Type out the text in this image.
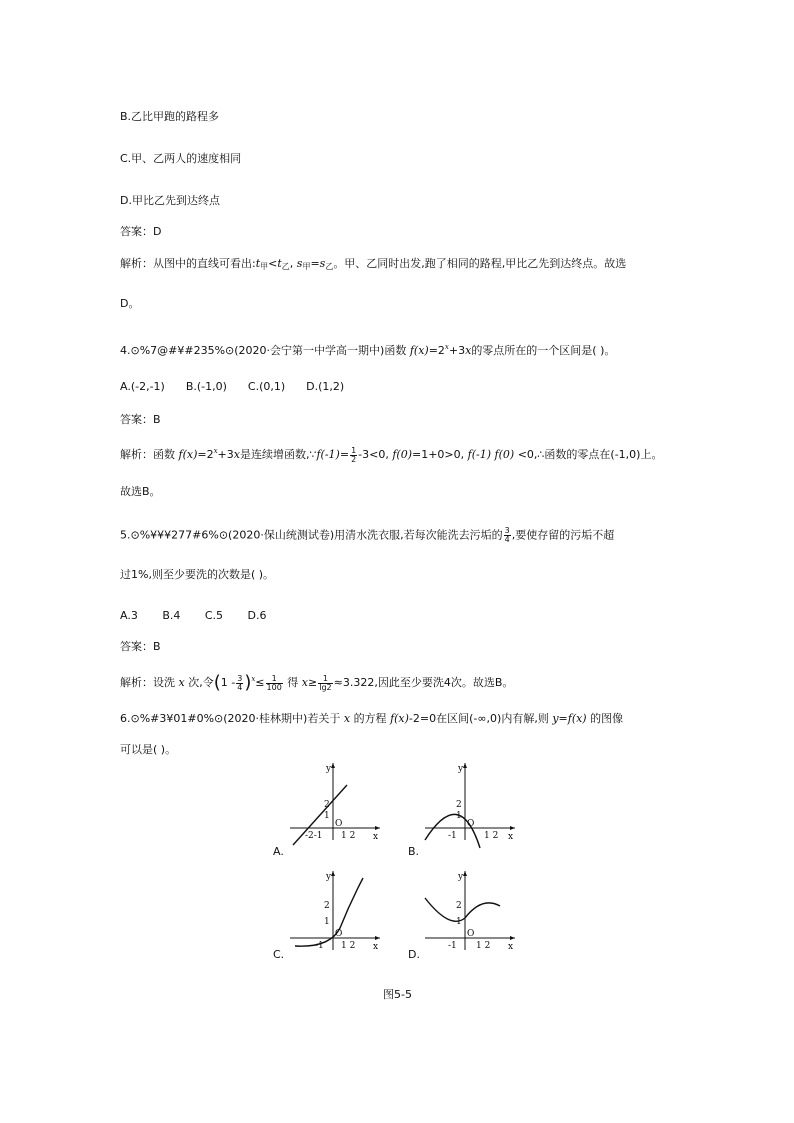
B.乙比甲跑的路程多
C.甲、乙两人的速度相同
D.甲比乙先到达终点
答案：D
解析：从图中的直线可看出$:t_甲<t_乙$, $s_甲=s_乙$。甲、乙同时出发,跑了相同的路程,甲比乙先到达终点。故选
D。
4.⊙%7@#¥#235%⊙(2020·会宁第一中学高一期中)函数 $f(x)=2^x+3x$的零点所在的一个区间是( )。
A.(-2,-1) B.(-1,0) C.(0,1) D.(1,2)
答案：B
解析：函数 $f(x)=2^x+3x$是连续增函数,∵f(-1)= $\frac{1}{2} -3<0$, f(0)=1+0>0, f(-1) f(0) <0,∴函数的零点在(-1,0)上。
故选B。
5.⊙%¥¥¥277#6%⊙(2020·保山统测试卷)用清水洗衣服,若每次能洗去污垢的 $\frac{3}{4}$ ,要使存留的污垢不超
过1%,则至少要洗的次数是( )。
A.3 B.4 C.5 D.6
答案：B
解析：设洗 x 次,令$(1 - \frac{3}{4} )^x\le \frac{1}{100}$ 得 $x\ge \frac{1}{\lg 2} \approx 3.322$,因此至少要洗4次。故选B。
6.⊙%#3¥01#0%⊙(2020·桂林期中)若关于 x 的方程 f(x)-2=0在区间(-∞,0)内有解,则 y=f(x) 的图像
可以是( )。
y
x
2
1
O
-2-1 1 2
A.
y
x
2
1
O
-1	1 2
B.
y
x
2
1
O
-1 1 2
C.
y
x
2
1
O
-1 1 2
D.
图5-5
